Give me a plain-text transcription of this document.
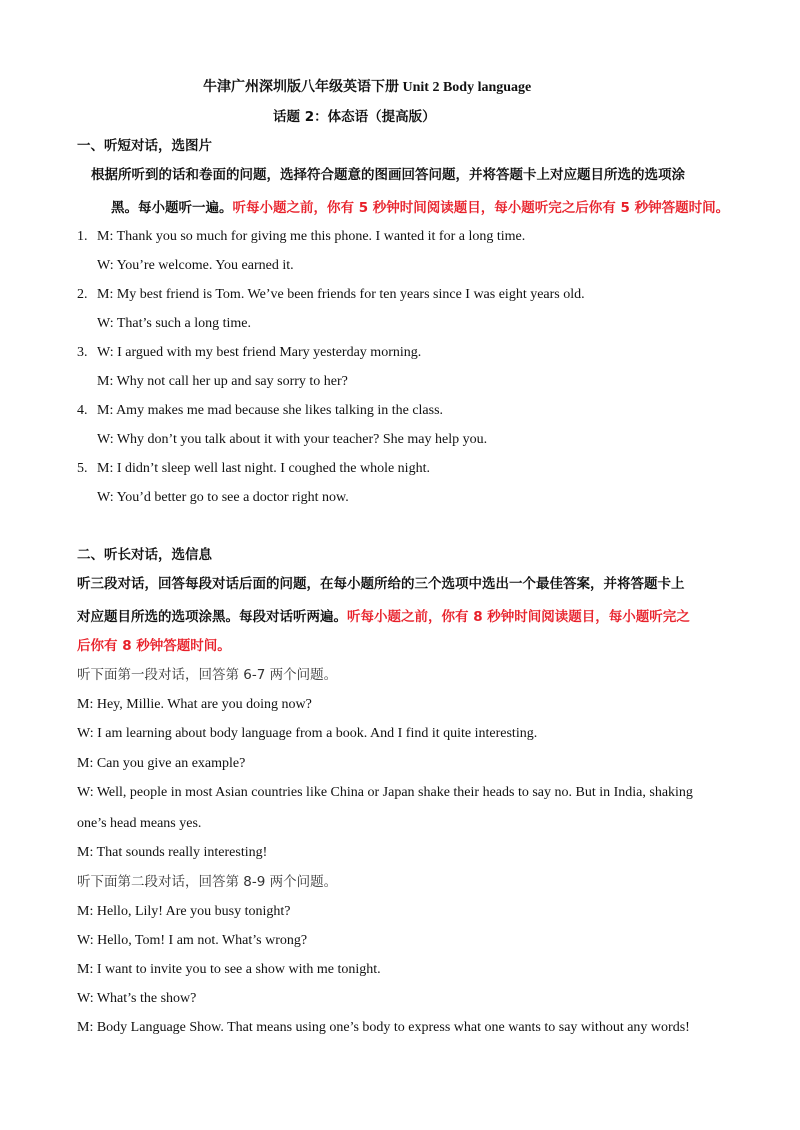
牛津广州深圳版八年级英语下册 Unit 2 Body language
话题 2：体态语（提高版）
一、听短对话，选图片
根据所听到的话和卷面的问题，选择符合题意的图画回答问题，并将答题卡上对应题目所选的选项涂
黑。每小题听一遍。听每小题之前，你有 5 秒钟时间阅读题目，每小题听完之后你有 5 秒钟答题时间。
1. M: Thank you so much for giving me this phone. I wanted it for a long time.
W: You’re welcome. You earned it.
2. M: My best friend is Tom. We’ve been friends for ten years since I was eight years old.
W: That’s such a long time.
3. W: I argued with my best friend Mary yesterday morning.
M: Why not call her up and say sorry to her?
4. M: Amy makes me mad because she likes talking in the class.
W: Why don’t you talk about it with your teacher? She may help you.
5. M: I didn’t sleep well last night. I coughed the whole night.
W: You’d better go to see a doctor right now.
二、听长对话，选信息
听三段对话，回答每段对话后面的问题，在每小题所给的三个选项中选出一个最佳答案，并将答题卡上
对应题目所选的选项涂黑。每段对话听两遍。听每小题之前，你有 8 秒钟时间阅读题目，每小题听完之
后你有 8 秒钟答题时间。
听下面第一段对话，回答第 6-7 两个问题。
M: Hey, Millie. What are you doing now?
W: I am learning about body language from a book. And I find it quite interesting.
M: Can you give an example?
W: Well, people in most Asian countries like China or Japan shake their heads to say no. But in India, shaking
one’s head means yes.
M: That sounds really interesting!
听下面第二段对话，回答第 8-9 两个问题。
M: Hello, Lily! Are you busy tonight?
W: Hello, Tom! I am not. What’s wrong?
M: I want to invite you to see a show with me tonight.
W: What’s the show?
M: Body Language Show. That means using one’s body to express what one wants to say without any words!
